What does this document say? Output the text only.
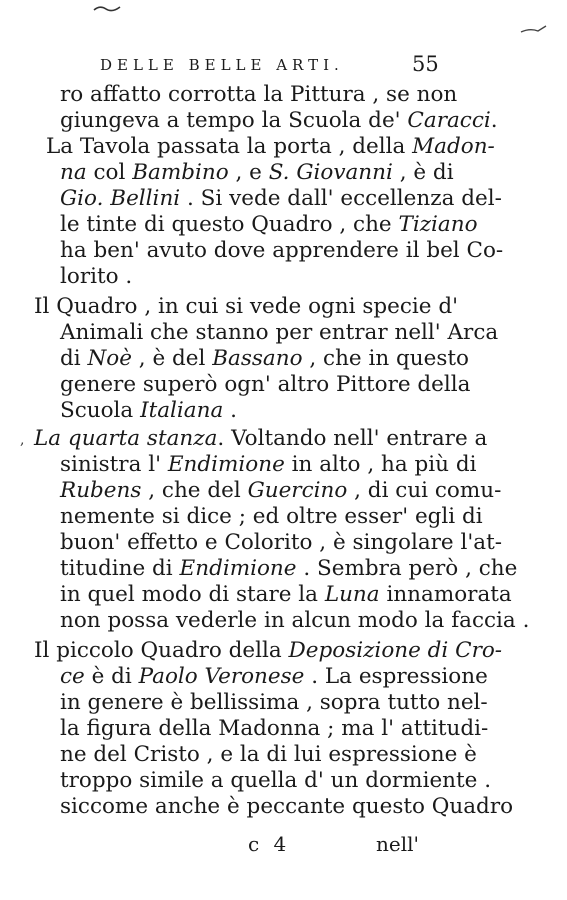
DELLE BELLE ARTI.	55
ro affatto corrotta la Pittura , se non
giungeva a tempo la Scuola de' Caracci.
La Tavola passata la porta , della Madon-
na col Bambino , e S. Giovanni , è di
Gio. Bellini . Si vede dall' eccellenza del-
le tinte di questo Quadro , che Tiziano
ha ben' avuto dove apprendere il bel Co-
lorito .
Il Quadro , in cui si vede ogni specie d'
Animali che stanno per entrar nell' Arca
di Noè , è del Bassano , che in questo
genere superò ogn' altro Pittore della
Scuola Italiana .
La quarta stanza. Voltando nell' entrare a
sinistra l' Endimione in alto , ha più di
Rubens , che del Guercino , di cui comu-
nemente si dice ; ed oltre esser' egli di
buon' effetto e Colorito , è singolare l'at-
titudine di Endimione . Sembra però , che
in quel modo di stare la Luna innamorata
non possa vederle in alcun modo la faccia .
Il piccolo Quadro della Deposizione di Cro-
ce è di Paolo Veronese . La espressione
in genere è bellissima , sopra tutto nel-
la figura della Madonna ; ma l' attitudi-
ne del Cristo , e la di lui espressione è
troppo simile a quella d' un dormiente .
siccome anche è peccante questo Quadro
c 4	nell'
,
